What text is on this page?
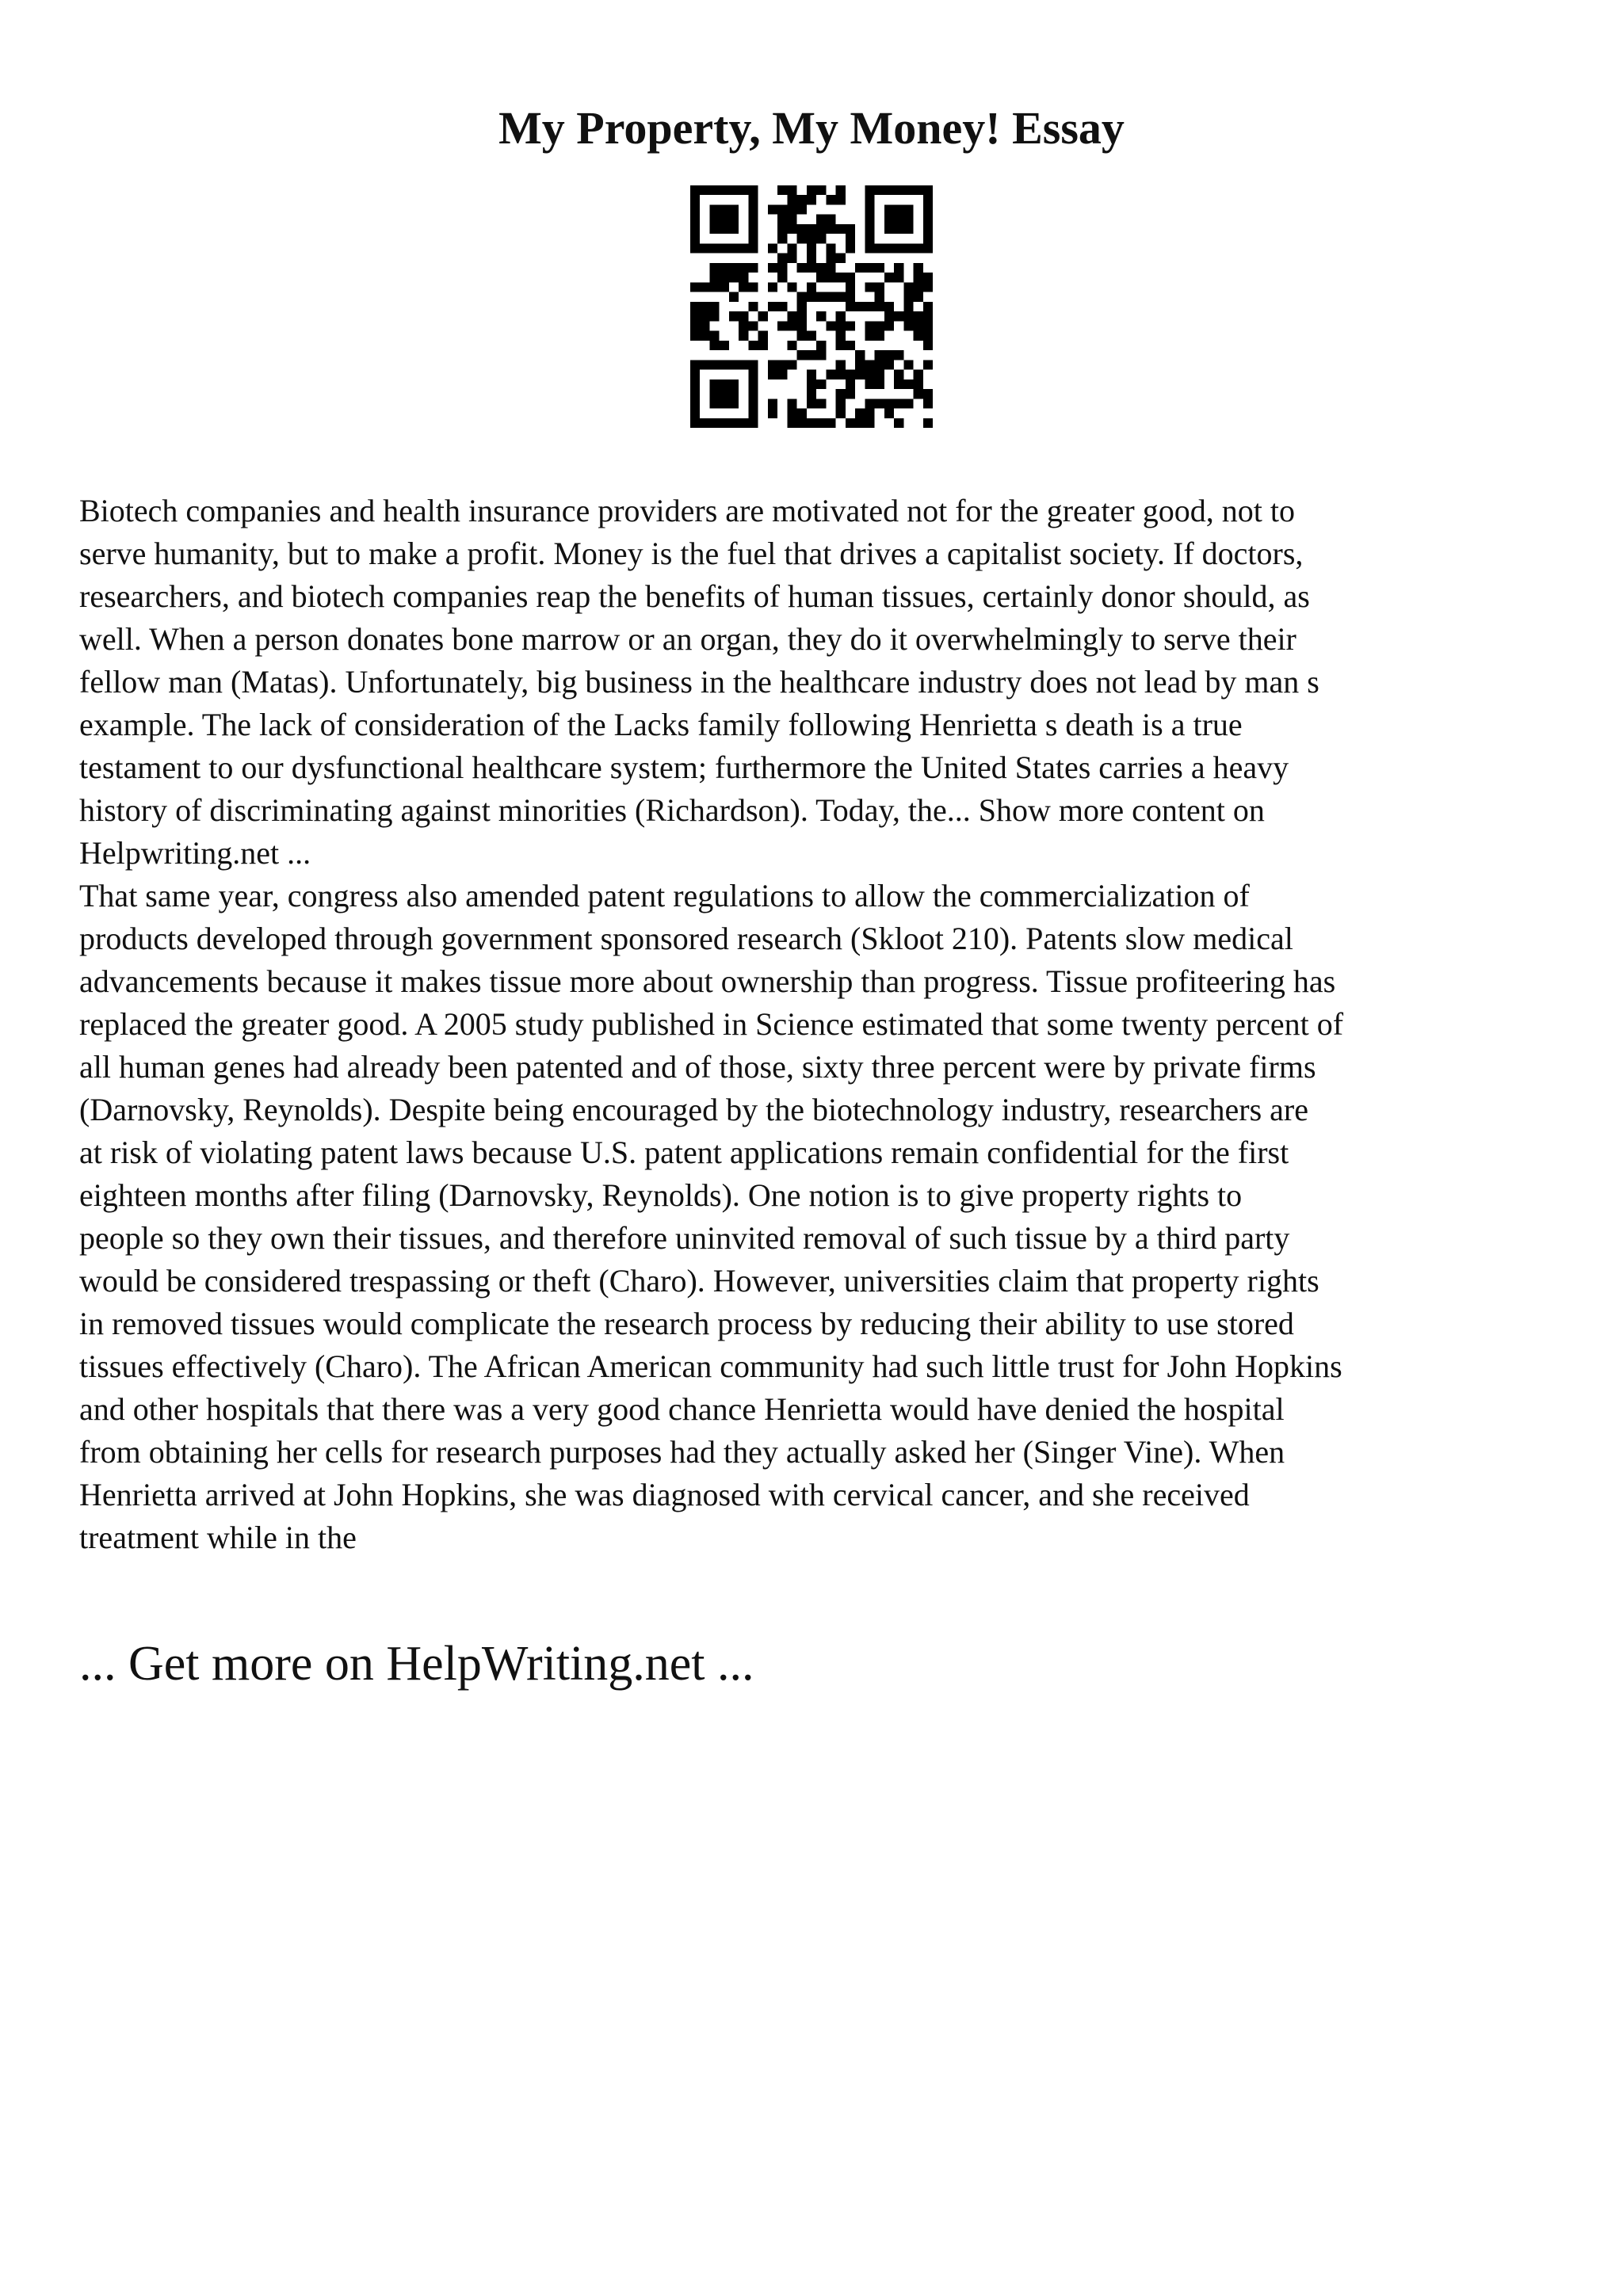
My Property, My Money! Essay

Biotech companies and health insurance providers are motivated not for the greater good, not to
serve humanity, but to make a profit. Money is the fuel that drives a capitalist society. If doctors,
researchers, and biotech companies reap the benefits of human tissues, certainly donor should, as
well. When a person donates bone marrow or an organ, they do it overwhelmingly to serve their
fellow man (Matas). Unfortunately, big business in the healthcare industry does not lead by man s
example. The lack of consideration of the Lacks family following Henrietta s death is a true
testament to our dysfunctional healthcare system; furthermore the United States carries a heavy
history of discriminating against minorities (Richardson). Today, the... Show more content on
Helpwriting.net ...

That same year, congress also amended patent regulations to allow the commercialization of
products developed through government sponsored research (Skloot 210). Patents slow medical
advancements because it makes tissue more about ownership than progress. Tissue profiteering has
replaced the greater good. A 2005 study published in Science estimated that some twenty percent of
all human genes had already been patented and of those, sixty three percent were by private firms
(Darnovsky, Reynolds). Despite being encouraged by the biotechnology industry, researchers are
at risk of violating patent laws because U.S. patent applications remain confidential for the first
eighteen months after filing (Darnovsky, Reynolds). One notion is to give property rights to
people so they own their tissues, and therefore uninvited removal of such tissue by a third party
would be considered trespassing or theft (Charo). However, universities claim that property rights
in removed tissues would complicate the research process by reducing their ability to use stored
tissues effectively (Charo). The African American community had such little trust for John Hopkins
and other hospitals that there was a very good chance Henrietta would have denied the hospital
from obtaining her cells for research purposes had they actually asked her (Singer Vine). When
Henrietta arrived at John Hopkins, she was diagnosed with cervical cancer, and she received
treatment while in the

... Get more on HelpWriting.net ...
